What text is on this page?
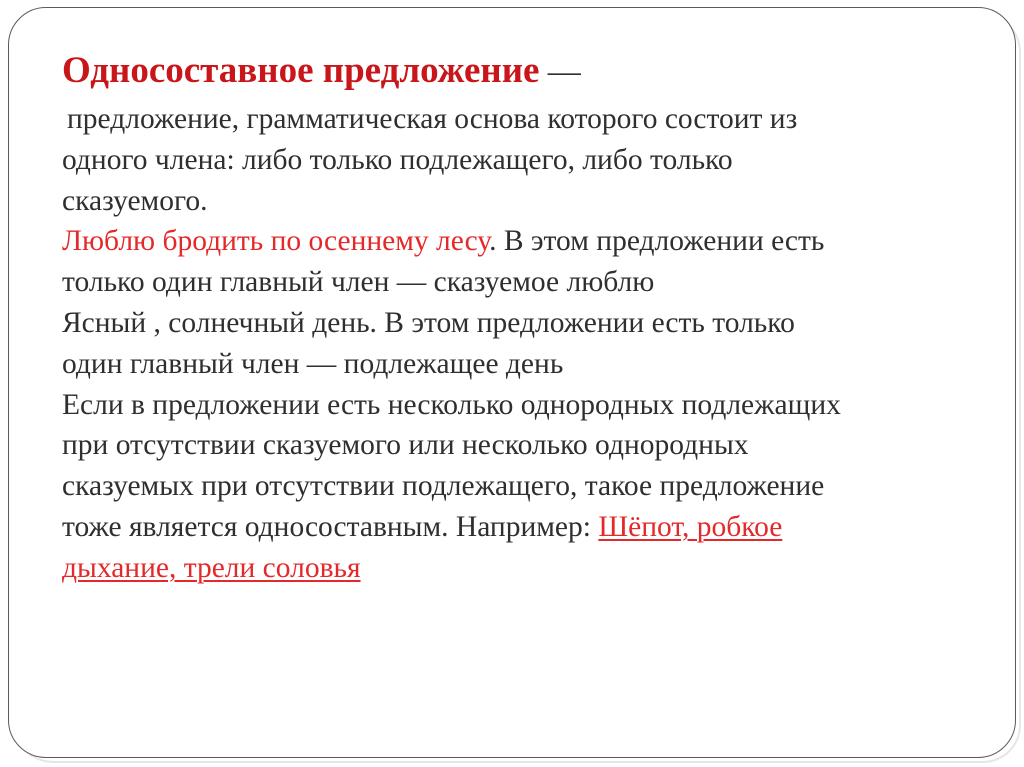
Односоставное предложение —
предложение, грамматическая основа которого состоит из
одного члена: либо только подлежащего, либо только
сказуемого.
Люблю бродить по осеннему лесу. В этом предложении есть
только один главный член — сказуемое люблю
Ясный , солнечный день. В этом предложении есть только
один главный член — подлежащее день
Если в предложении есть несколько однородных подлежащих
при отсутствии сказуемого или несколько однородных
сказуемых при отсутствии подлежащего, такое предложение
тоже является односоставным. Например: Шёпот, робкое
дыхание, трели соловья
